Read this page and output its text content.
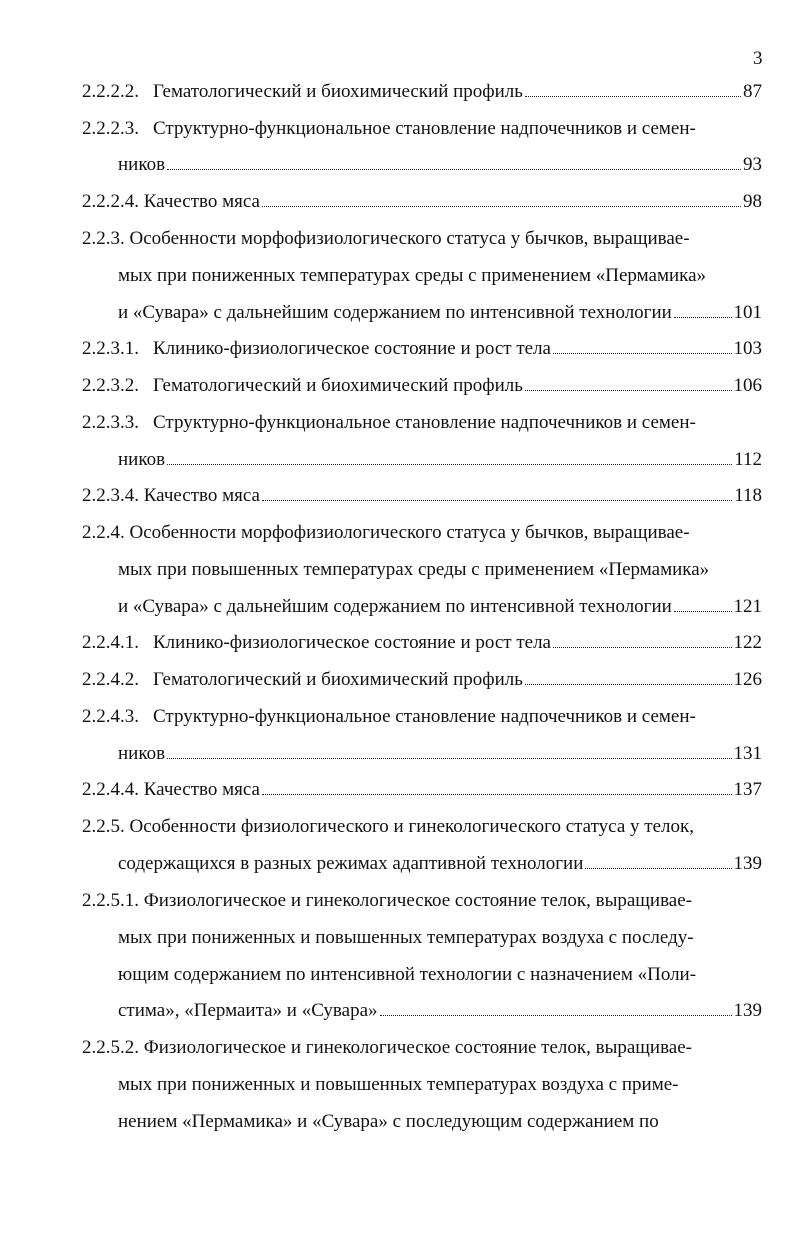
3
2.2.2.2. Гематологический и биохимический профиль	87
2.2.2.3. Структурно-функциональное становление надпочечников и семен-
ников	93
2.2.2.4. Качество мяса	98
2.2.3. Особенности морфофизиологического статуса у бычков, выращивае-
мых при пониженных температурах среды с применением «Пермамика»
и «Сувара» с дальнейшим содержанием по интенсивной технологии	101
2.2.3.1. Клинико-физиологическое состояние и рост тела	103
2.2.3.2. Гематологический и биохимический профиль	106
2.2.3.3. Структурно-функциональное становление надпочечников и семен-
ников	112
2.2.3.4. Качество мяса	118
2.2.4. Особенности морфофизиологического статуса у бычков, выращивае-
мых при повышенных температурах среды с применением «Пермамика»
и «Сувара» с дальнейшим содержанием по интенсивной технологии	121
2.2.4.1. Клинико-физиологическое состояние и рост тела	122
2.2.4.2. Гематологический и биохимический профиль	126
2.2.4.3. Структурно-функциональное становление надпочечников и семен-
ников	131
2.2.4.4. Качество мяса	137
2.2.5. Особенности физиологического и гинекологического статуса у телок,
содержащихся в разных режимах адаптивной технологии	139
2.2.5.1. Физиологическое и гинекологическое состояние телок, выращивае-
мых при пониженных и повышенных температурах воздуха с последу-
ющим содержанием по интенсивной технологии с назначением «Поли-
стима», «Пермаита» и «Сувара»	139
2.2.5.2. Физиологическое и гинекологическое состояние телок, выращивае-
мых при пониженных и повышенных температурах воздуха с приме-
нением «Пермамика» и «Сувара» с последующим содержанием по
